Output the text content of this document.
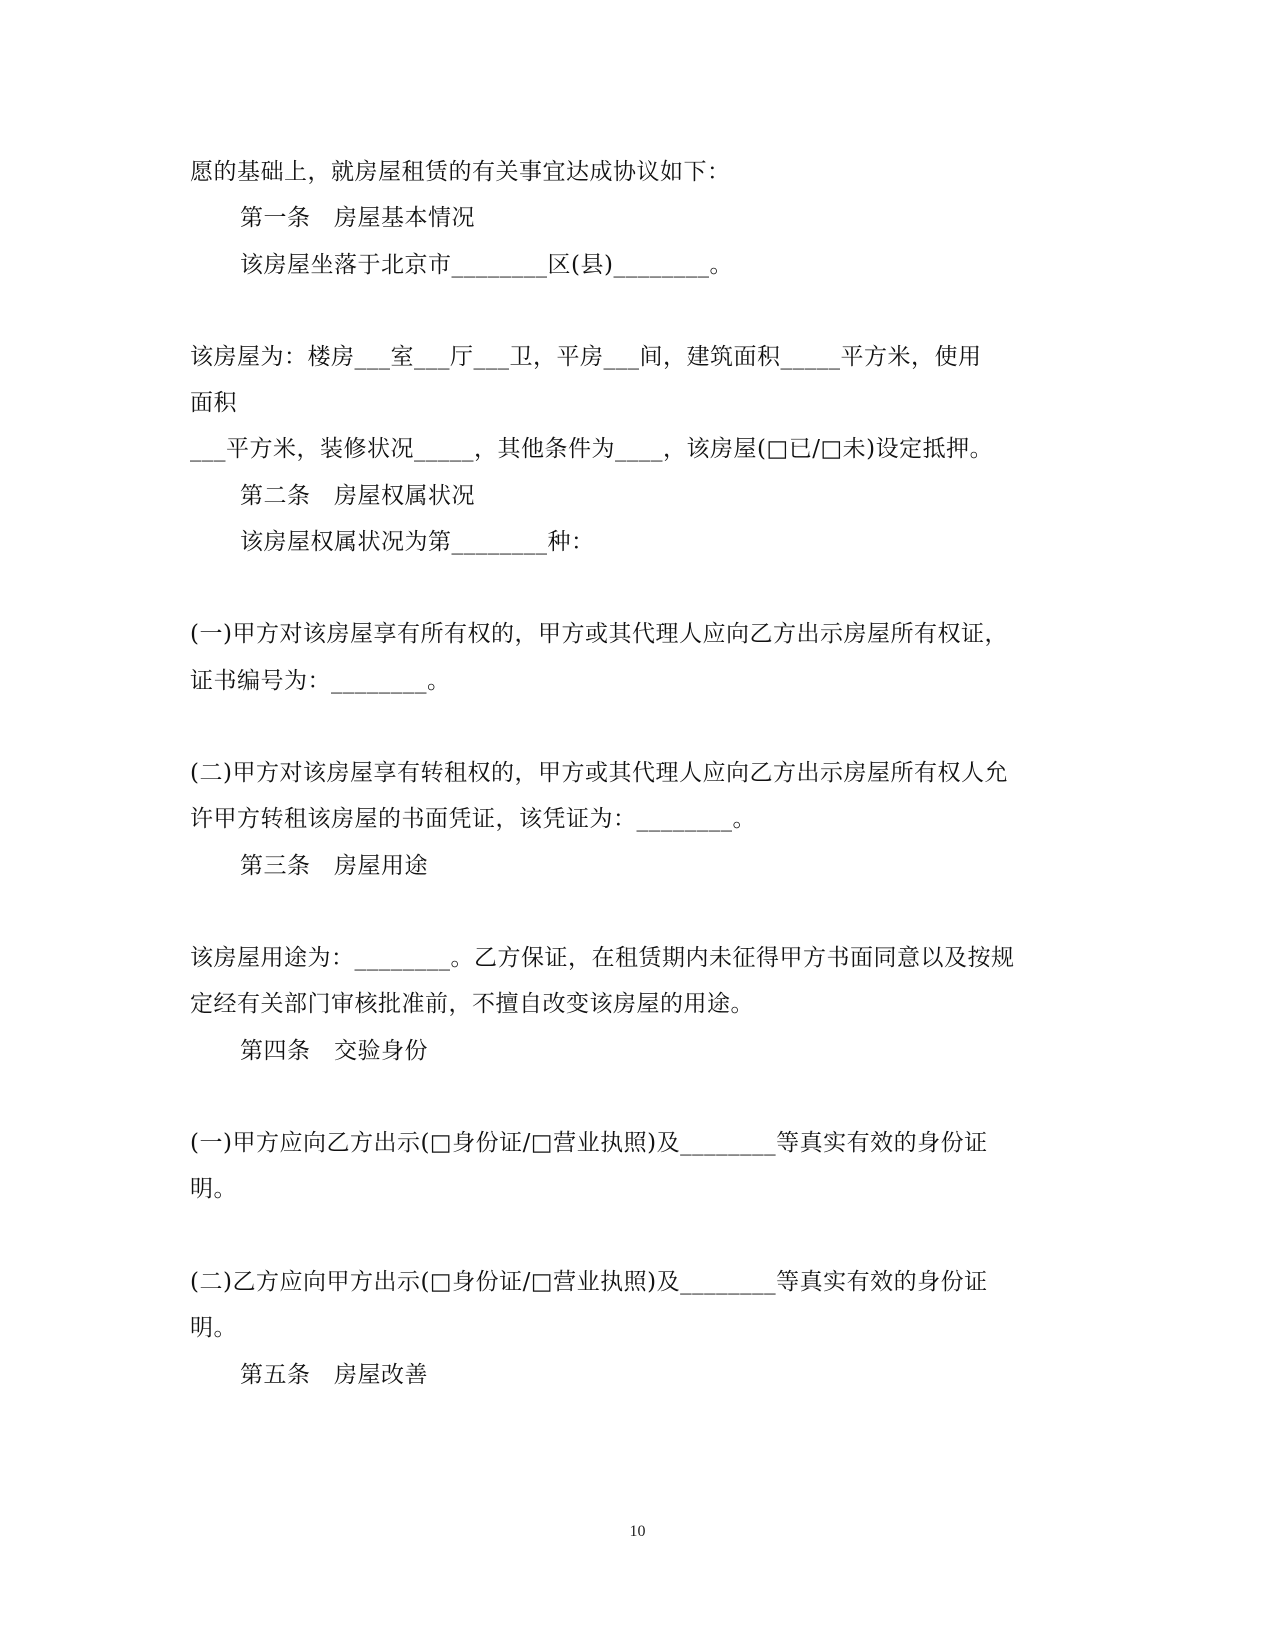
愿的基础上，就房屋租赁的有关事宜达成协议如下：
第一条　房屋基本情况
该房屋坐落于北京市________区(县)________。
该房屋为：楼房___室___厅___卫，平房___间，建筑面积_____平方米，使用
面积
___平方米，装修状况_____，其他条件为____，该房屋(□已/□未)设定抵押。
第二条　房屋权属状况
该房屋权属状况为第________种：
(一)甲方对该房屋享有所有权的，甲方或其代理人应向乙方出示房屋所有权证，
证书编号为：________。
(二)甲方对该房屋享有转租权的，甲方或其代理人应向乙方出示房屋所有权人允
许甲方转租该房屋的书面凭证，该凭证为：________。
第三条　房屋用途
该房屋用途为：________。乙方保证，在租赁期内未征得甲方书面同意以及按规
定经有关部门审核批准前，不擅自改变该房屋的用途。
第四条　交验身份
(一)甲方应向乙方出示(□身份证/□营业执照)及________等真实有效的身份证
明。
(二)乙方应向甲方出示(□身份证/□营业执照)及________等真实有效的身份证
明。
第五条　房屋改善
10
